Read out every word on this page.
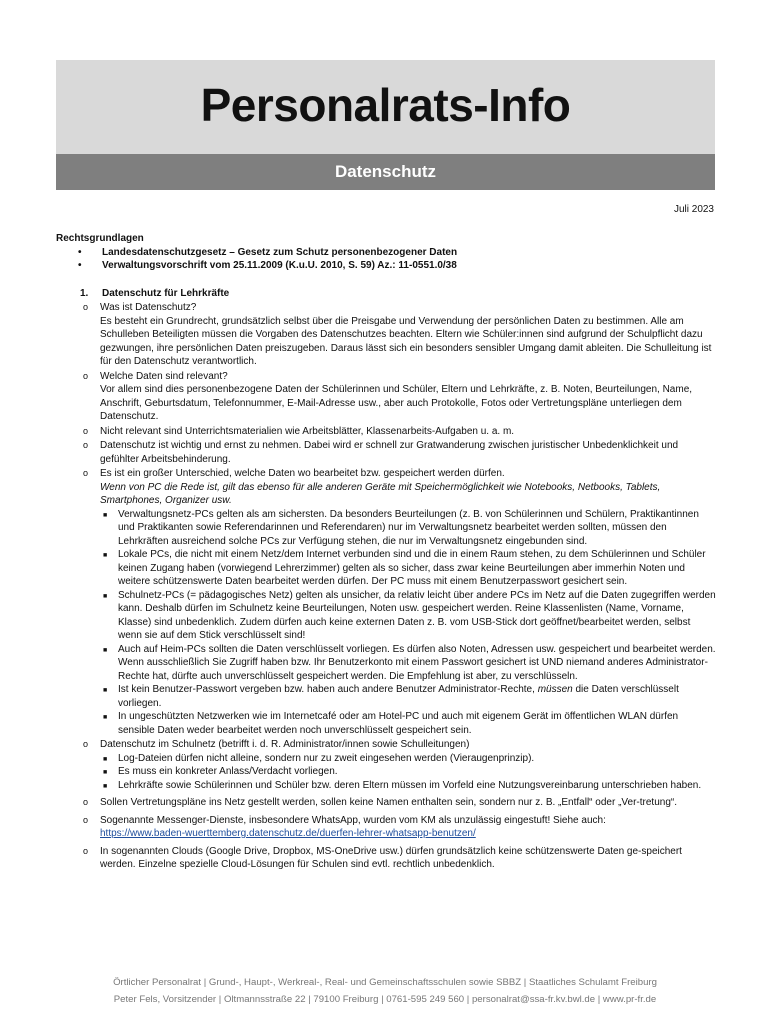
Personalrats-Info
Datenschutz
Juli 2023
Rechtsgrundlagen
• Landesdatenschutzgesetz – Gesetz zum Schutz personenbezogener Daten
• Verwaltungsvorschrift vom 25.11.2009 (K.u.U. 2010, S. 59) Az.: 11-0551.0/38
1. Datenschutz für Lehrkräfte
o Was ist Datenschutz?
Es besteht ein Grundrecht, grundsätzlich selbst über die Preisgabe und Verwendung der persönlichen Daten zu bestimmen. Alle am Schulleben Beteiligten müssen die Vorgaben des Datenschutzes beachten. Eltern wie Schüler:innen sind aufgrund der Schulpflicht dazu gezwungen, ihre persönlichen Daten preiszugeben. Daraus lässt sich ein besonders sensibler Umgang damit ableiten. Die Schulleitung ist für den Datenschutz verantwortlich.
o Welche Daten sind relevant?
Vor allem sind dies personenbezogene Daten der Schülerinnen und Schüler, Eltern und Lehrkräfte, z. B. Noten, Beurteilungen, Name, Anschrift, Geburtsdatum, Telefonnummer, E-Mail-Adresse usw., aber auch Protokolle, Fotos oder Vertretungspläne unterliegen dem Datenschutz.
o Nicht relevant sind Unterrichtsmaterialien wie Arbeitsblätter, Klassenarbeits-Aufgaben u. a. m.
o Datenschutz ist wichtig und ernst zu nehmen. Dabei wird er schnell zur Gratwanderung zwischen juristischer Unbedenklichkeit und gefühlter Arbeitsbehinderung.
o Es ist ein großer Unterschied, welche Daten wo bearbeitet bzw. gespeichert werden dürfen.
Wenn von PC die Rede ist, gilt das ebenso für alle anderen Geräte mit Speichermöglichkeit wie Notebooks, Netbooks, Tablets, Smartphones, Organizer usw.
■ Verwaltungsnetz-PCs gelten als am sichersten. Da besonders Beurteilungen (z. B. von Schülerinnen und Schülern, Praktikantinnen und Praktikanten sowie Referendarinnen und Referendaren) nur im Verwaltungsnetz bearbeitet werden sollten, müssen den Lehrkräften ausreichend solche PCs zur Verfügung stehen, die nur im Verwaltungsnetz eingebunden sind.
■ Lokale PCs, die nicht mit einem Netz/dem Internet verbunden sind und die in einem Raum stehen, zu dem Schülerinnen und Schüler keinen Zugang haben (vorwiegend Lehrerzimmer) gelten als so sicher, dass zwar keine Beurteilungen aber immerhin Noten und weitere schützenswerte Daten bearbeitet werden dürfen. Der PC muss mit einem Benutzerpasswort gesichert sein.
■ Schulnetz-PCs (= pädagogisches Netz) gelten als unsicher, da relativ leicht über andere PCs im Netz auf die Daten zugegriffen werden kann. Deshalb dürfen im Schulnetz keine Beurteilungen, Noten usw. gespeichert werden. Reine Klassenlisten (Name, Vorname, Klasse) sind unbedenklich. Zudem dürfen auch keine externen Daten z. B. vom USB-Stick dort geöffnet/bearbeitet werden, selbst wenn sie auf dem Stick verschlüsselt sind!
■ Auch auf Heim-PCs sollten die Daten verschlüsselt vorliegen. Es dürfen also Noten, Adressen usw. gespeichert und bearbeitet werden. Wenn ausschließlich Sie Zugriff haben bzw. Ihr Benutzerkonto mit einem Passwort gesichert ist UND niemand anderes Administrator-Rechte hat, dürfte auch unverschlüsselt gespeichert werden. Die Empfehlung ist aber, zu verschlüsseln.
■ Ist kein Benutzer-Passwort vergeben bzw. haben auch andere Benutzer Administrator-Rechte, müssen die Daten verschlüsselt vorliegen.
■ In ungeschützten Netzwerken wie im Internetcafé oder am Hotel-PC und auch mit eigenem Gerät im öffentlichen WLAN dürfen sensible Daten weder bearbeitet werden noch unverschlüsselt gespeichert sein.
o Datenschutz im Schulnetz (betrifft i. d. R. Administrator/innen sowie Schulleitungen)
■ Log-Dateien dürfen nicht alleine, sondern nur zu zweit eingesehen werden (Vieraugenprinzip).
■ Es muss ein konkreter Anlass/Verdacht vorliegen.
■ Lehrkräfte sowie Schülerinnen und Schüler bzw. deren Eltern müssen im Vorfeld eine Nutzungsvereinbarung unterschrieben haben.
o Sollen Vertretungspläne ins Netz gestellt werden, sollen keine Namen enthalten sein, sondern nur z. B. „Entfall“ oder „Ver-tretung“.
o Sogenannte Messenger-Dienste, insbesondere WhatsApp, wurden vom KM als unzulässig eingestuft! Siehe auch:
https://www.baden-wuerttemberg.datenschutz.de/duerfen-lehrer-whatsapp-benutzen/
o In sogenannten Clouds (Google Drive, Dropbox, MS-OneDrive usw.) dürfen grundsätzlich keine schützenswerte Daten ge-speichert werden. Einzelne spezielle Cloud-Lösungen für Schulen sind evtl. rechtlich unbedenklich.
Örtlicher Personalrat | Grund-, Haupt-, Werkreal-, Real- und Gemeinschaftsschulen sowie SBBZ | Staatliches Schulamt Freiburg
Peter Fels, Vorsitzender | Oltmannsstraße 22 | 79100 Freiburg | 0761-595 249 560 | personalrat@ssa-fr.kv.bwl.de | www.pr-fr.de
